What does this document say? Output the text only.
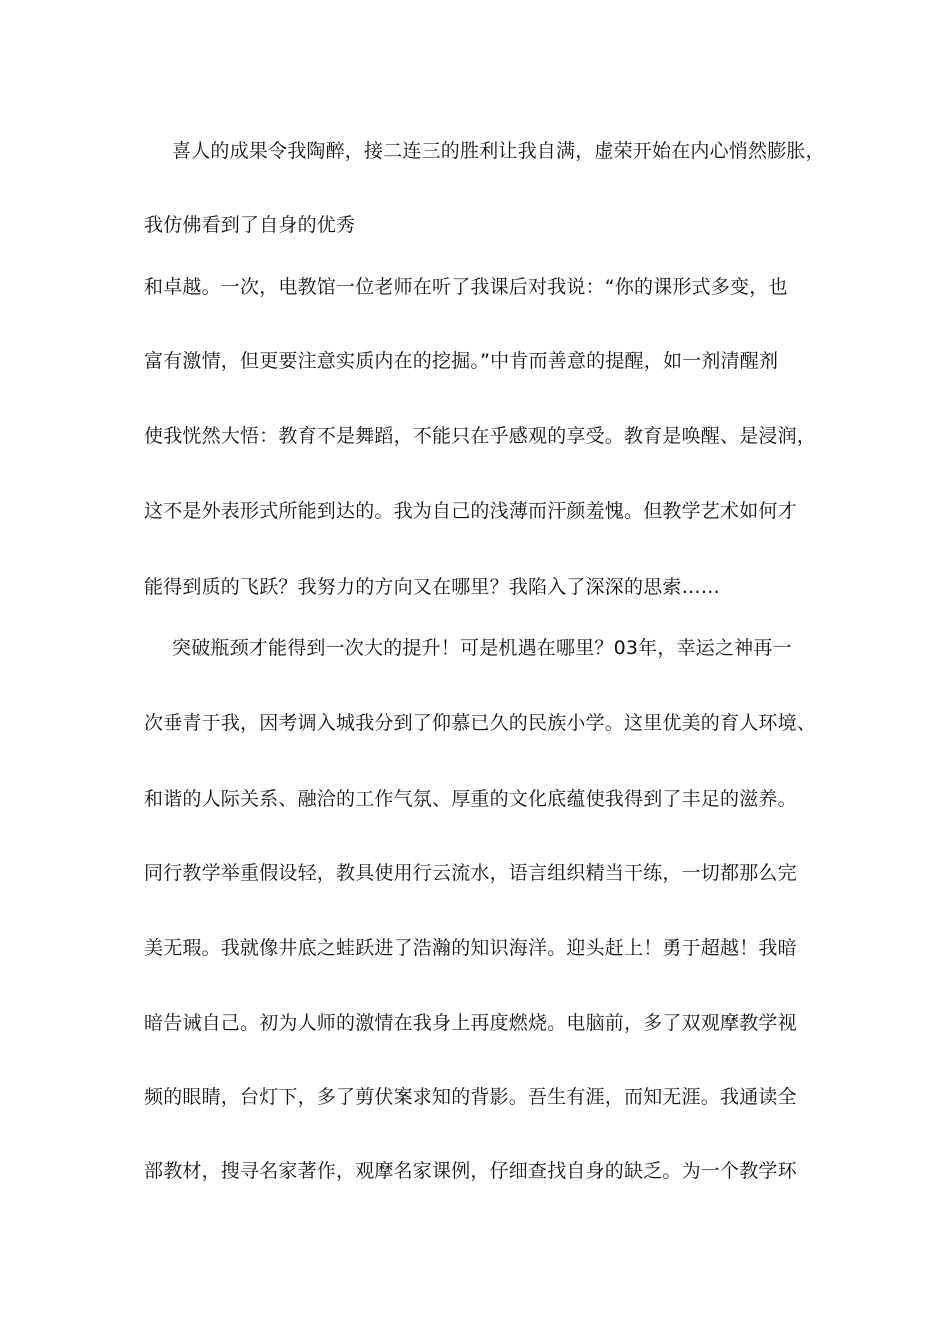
喜人的成果令我陶醉，接二连三的胜利让我自满，虚荣开始在内心悄然膨胀，
我仿佛看到了自身的优秀
和卓越。一次，电教馆一位老师在听了我课后对我说：“你的课形式多变，也
富有激情，但更要注意实质内在的挖掘。”中肯而善意的提醒，如一剂清醒剂
使我恍然大悟：教育不是舞蹈，不能只在乎感观的享受。教育是唤醒、是浸润，
这不是外表形式所能到达的。我为自己的浅薄而汗颜羞愧。但教学艺术如何才
能得到质的飞跃？我努力的方向又在哪里？我陷入了深深的思索……
突破瓶颈才能得到一次大的提升！可是机遇在哪里？03年，幸运之神再一
次垂青于我，因考调入城我分到了仰慕已久的民族小学。这里优美的育人环境、
和谐的人际关系、融洽的工作气氛、厚重的文化底蕴使我得到了丰足的滋养。
同行教学举重假设轻，教具使用行云流水，语言组织精当干练，一切都那么完
美无瑕。我就像井底之蛙跃进了浩瀚的知识海洋。迎头赶上！勇于超越！我暗
暗告诫自己。初为人师的激情在我身上再度燃烧。电脑前，多了双观摩教学视
频的眼睛，台灯下，多了剪伏案求知的背影。吾生有涯，而知无涯。我通读全
部教材，搜寻名家著作，观摩名家课例，仔细查找自身的缺乏。为一个教学环
